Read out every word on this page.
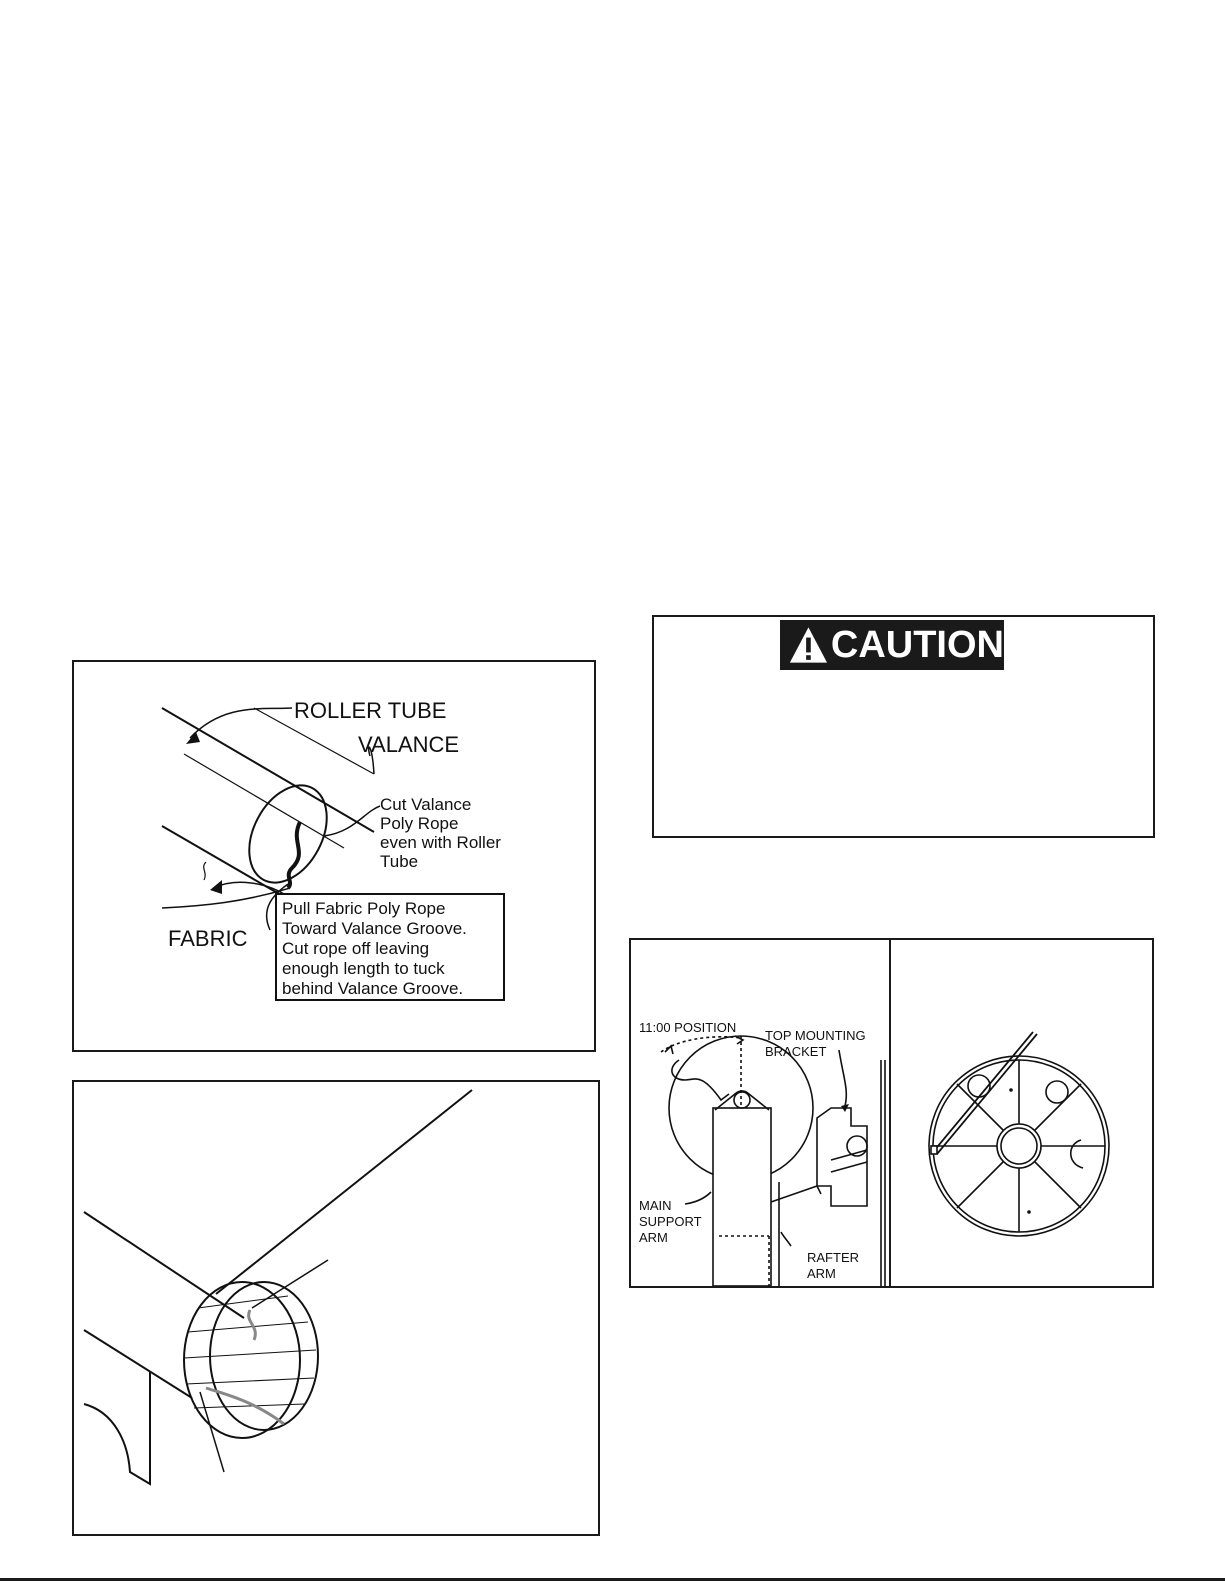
ROLLER TUBE
VALANCE
Cut Valance
Poly Rope
even with Roller
Tube
FABRIC
Pull Fabric Poly Rope
Toward Valance Groove.
Cut rope off leaving
enough length to tuck
behind Valance Groove.
CAUTION
11:00 POSITION
TOP MOUNTING
BRACKET
MAIN
SUPPORT
ARM
RAFTER
ARM
